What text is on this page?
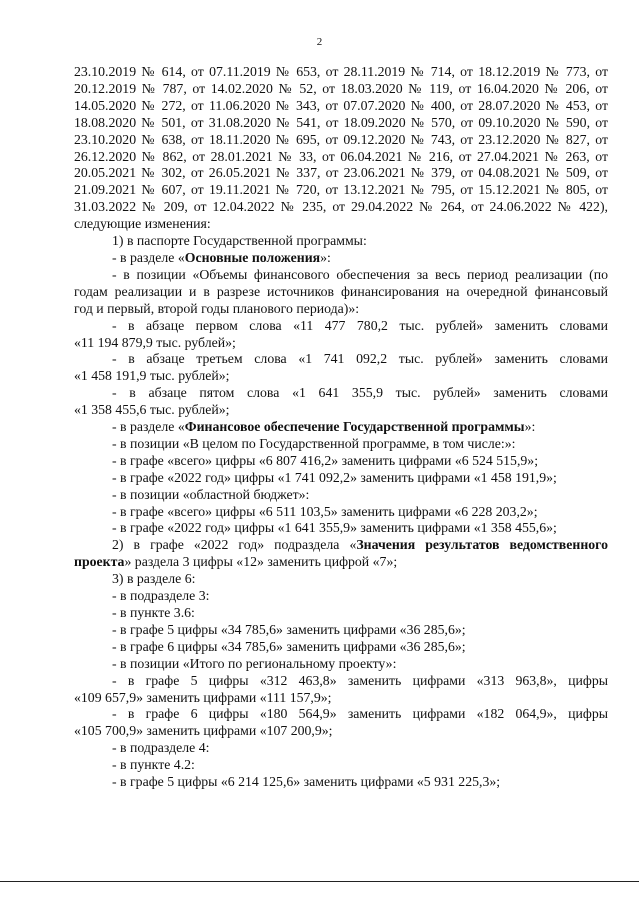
2

23.10.2019 № 614, от 07.11.2019 № 653, от 28.11.2019 № 714, от 18.12.2019 № 773, от

20.12.2019 № 787, от 14.02.2020 № 52, от 18.03.2020 № 119, от 16.04.2020 № 206, от

14.05.2020 № 272, от 11.06.2020 № 343, от 07.07.2020 № 400, от 28.07.2020 № 453, от

18.08.2020 № 501, от 31.08.2020 № 541, от 18.09.2020 № 570, от 09.10.2020 № 590, от

23.10.2020 № 638, от 18.11.2020 № 695, от 09.12.2020 № 743, от 23.12.2020 № 827, от

26.12.2020 № 862, от 28.01.2021 № 33, от 06.04.2021 № 216, от 27.04.2021 № 263, от

20.05.2021 № 302, от 26.05.2021 № 337, от 23.06.2021 № 379, от 04.08.2021 № 509, от

21.09.2021 № 607, от 19.11.2021 № 720, от 13.12.2021 № 795, от 15.12.2021 № 805, от

31.03.2022 № 209, от 12.04.2022 № 235, от 29.04.2022 № 264, от 24.06.2022 № 422),

следующие изменения:

1) в паспорте Государственной программы:

- в разделе «Основные положения»:

- в позиции «Объемы финансового обеспечения за весь период реализации (по

годам реализации и в разрезе источников финансирования на очередной финансовый

год и первый, второй годы планового периода)»:

- в абзаце первом слова «11 477 780,2 тыс. рублей» заменить словами

«11 194 879,9 тыс. рублей»;

- в абзаце третьем слова «1 741 092,2 тыс. рублей» заменить словами

«1 458 191,9 тыс. рублей»;

- в абзаце пятом слова «1 641 355,9 тыс. рублей» заменить словами

«1 358 455,6 тыс. рублей»;

- в разделе «Финансовое обеспечение Государственной программы»:

- в позиции «В целом по Государственной программе, в том числе:»:

- в графе «всего» цифры «6 807 416,2» заменить цифрами «6 524 515,9»;

- в графе «2022 год» цифры «1 741 092,2» заменить цифрами «1 458 191,9»;

- в позиции «областной бюджет»:

- в графе «всего» цифры «6 511 103,5» заменить цифрами «6 228 203,2»;

- в графе «2022 год» цифры «1 641 355,9» заменить цифрами «1 358 455,6»;

2) в графе «2022 год» подраздела «Значения результатов ведомственного

проекта» раздела 3 цифры «12» заменить цифрой «7»;

3) в разделе 6:

- в подразделе 3:

- в пункте 3.6:

- в графе 5 цифры «34 785,6» заменить цифрами «36 285,6»;

- в графе 6 цифры «34 785,6» заменить цифрами «36 285,6»;

- в позиции «Итого по региональному проекту»:

- в графе 5 цифры «312 463,8» заменить цифрами «313 963,8», цифры

«109 657,9» заменить цифрами «111 157,9»;

- в графе 6 цифры «180 564,9» заменить цифрами «182 064,9», цифры

«105 700,9» заменить цифрами «107 200,9»;

- в подразделе 4:

- в пункте 4.2:

- в графе 5 цифры «6 214 125,6» заменить цифрами «5 931 225,3»;
